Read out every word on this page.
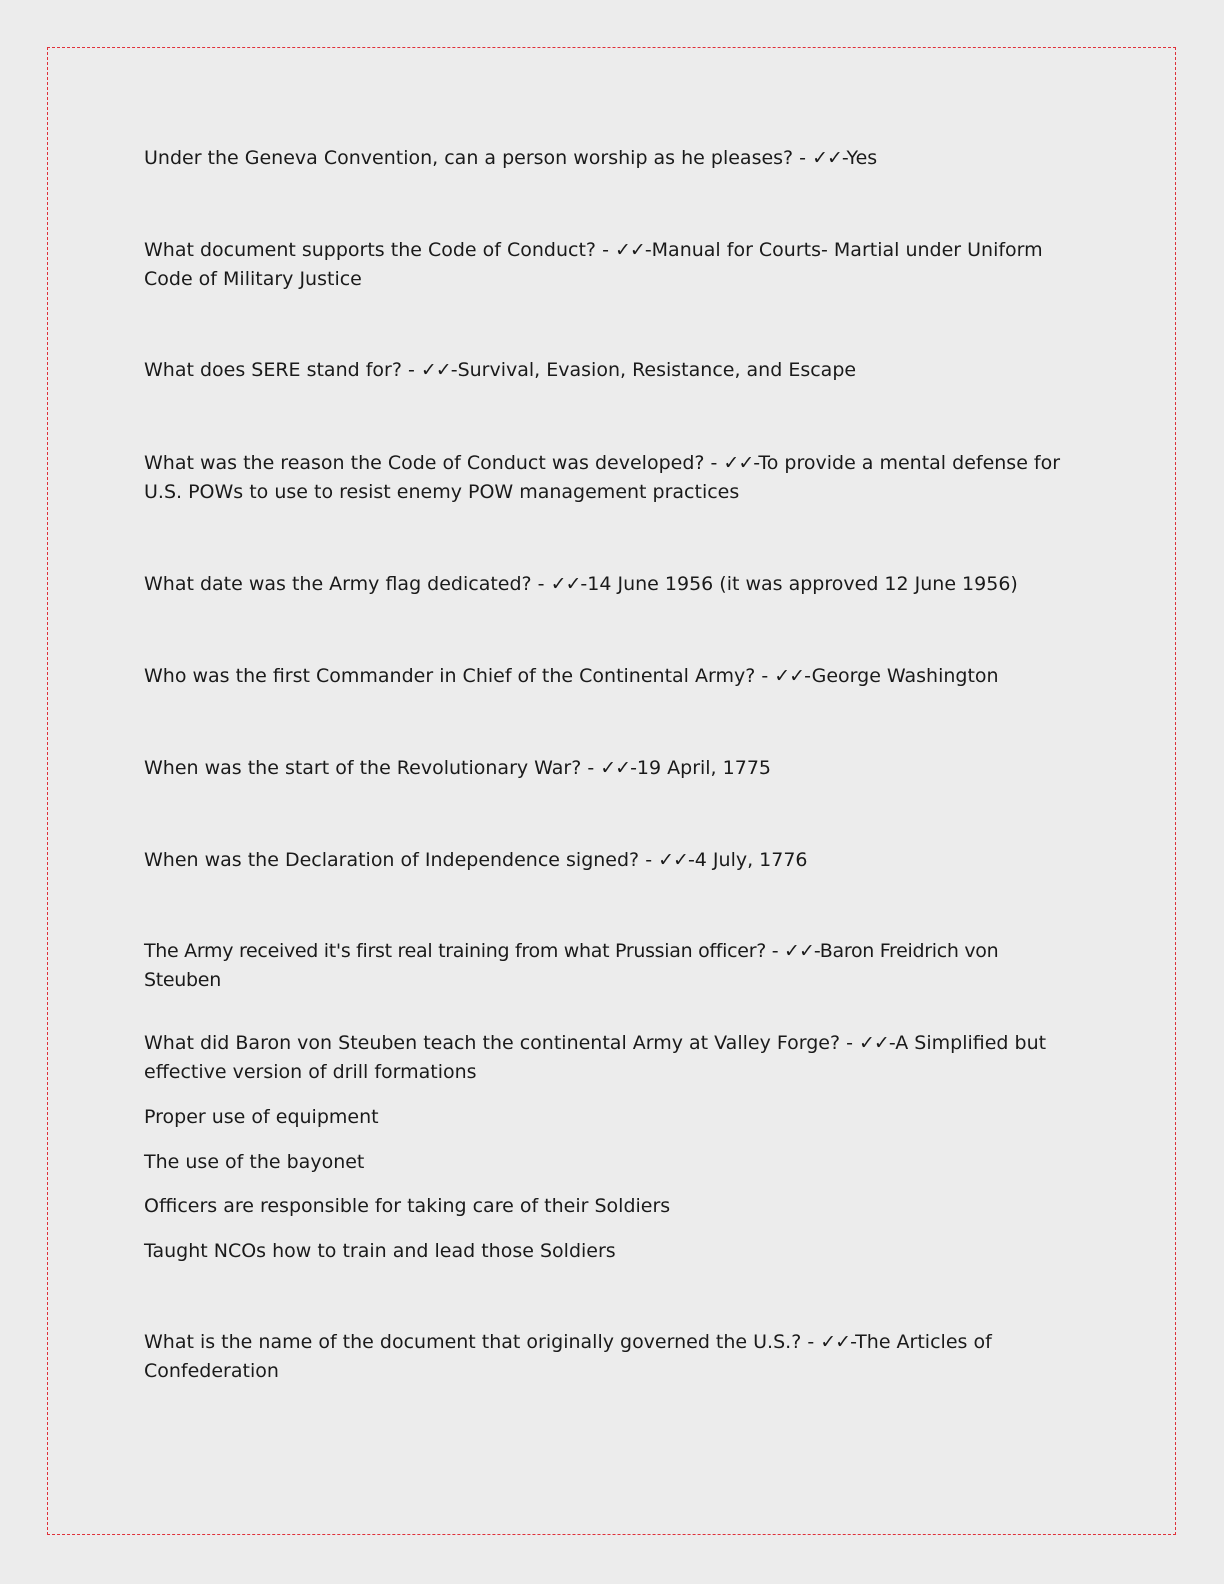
Under the Geneva Convention, can a person worship as he pleases? - ✓✓-Yes

What document supports the Code of Conduct? - ✓✓-Manual for Courts- Martial under Uniform Code of Military Justice

What does SERE stand for? - ✓✓-Survival, Evasion, Resistance, and Escape

What was the reason the Code of Conduct was developed? - ✓✓-To provide a mental defense for U.S. POWs to use to resist enemy POW management practices

What date was the Army flag dedicated? - ✓✓-14 June 1956 (it was approved 12 June 1956)

Who was the first Commander in Chief of the Continental Army? - ✓✓-George Washington

When was the start of the Revolutionary War? - ✓✓-19 April, 1775

When was the Declaration of Independence signed? - ✓✓-4 July, 1776

The Army received it's first real training from what Prussian officer? - ✓✓-Baron Freidrich von Steuben

What did Baron von Steuben teach the continental Army at Valley Forge? - ✓✓-A Simplified but effective version of drill formations

Proper use of equipment

The use of the bayonet

Officers are responsible for taking care of their Soldiers

Taught NCOs how to train and lead those Soldiers

What is the name of the document that originally governed the U.S.? - ✓✓-The Articles of Confederation
